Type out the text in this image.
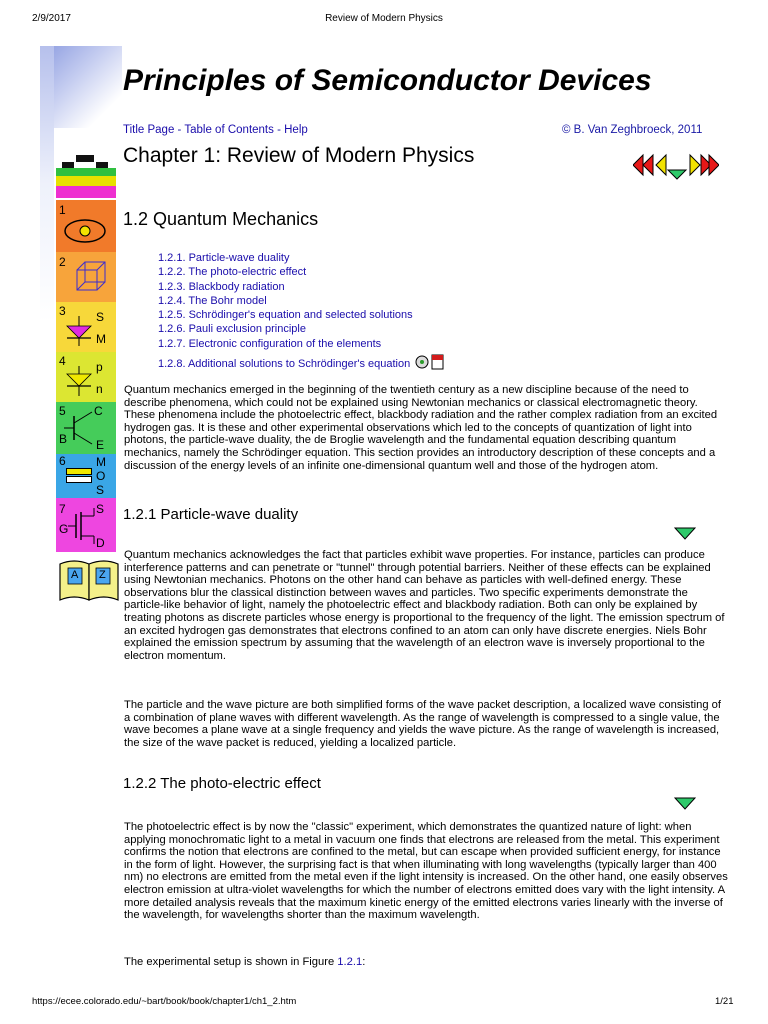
2/9/2017	Review of Modern Physics
https://ecee.colorado.edu/~bart/book/book/chapter1/ch1_2.htm	1/21
Principles of Semiconductor Devices
Title Page - Table of Contents - Help	© B. Van Zeghbroeck, 2011
Chapter 1: Review of Modern Physics
1
2
3	S
M
4	p
n
5 C
B E
6	M
O
S
7	S
G
D
A Z
1.2 Quantum Mechanics
1.2.1. Particle-wave duality
1.2.2. The photo-electric effect
1.2.3. Blackbody radiation
1.2.4. The Bohr model
1.2.5. Schrödinger's equation and selected solutions
1.2.6. Pauli exclusion principle
1.2.7. Electronic configuration of the elements
1.2.8. Additional solutions to Schrödinger's equation

Quantum mechanics emerged in the beginning of the twentieth century as a new discipline because of the need to describe phenomena, which could not be explained using Newtonian mechanics or classical electromagnetic theory. These phenomena include the photoelectric effect, blackbody radiation and the rather complex radiation from an excited hydrogen gas. It is these and other experimental observations which led to the concepts of quantization of light into photons, the particle-wave duality, the de Broglie wavelength and the fundamental equation describing quantum mechanics, namely the Schrödinger equation. This section provides an introductory description of these concepts and a discussion of the energy levels of an infinite one-dimensional quantum well and those of the hydrogen atom.

1.2.1 Particle-wave duality

Quantum mechanics acknowledges the fact that particles exhibit wave properties. For instance, particles can produce interference patterns and can penetrate or "tunnel" through potential barriers. Neither of these effects can be explained using Newtonian mechanics. Photons on the other hand can behave as particles with well-defined energy. These observations blur the classical distinction between waves and particles. Two specific experiments demonstrate the particle-like behavior of light, namely the photoelectric effect and blackbody radiation. Both can only be explained by treating photons as discrete particles whose energy is proportional to the frequency of the light. The emission spectrum of an excited hydrogen gas demonstrates that electrons confined to an atom can only have discrete energies. Niels Bohr explained the emission spectrum by assuming that the wavelength of an electron wave is inversely proportional to the electron momentum.

The particle and the wave picture are both simplified forms of the wave packet description, a localized wave consisting of a combination of plane waves with different wavelength. As the range of wavelength is compressed to a single value, the wave becomes a plane wave at a single frequency and yields the wave picture. As the range of wavelength is increased, the size of the wave packet is reduced, yielding a localized particle.

1.2.2 The photo-electric effect

The photoelectric effect is by now the "classic" experiment, which demonstrates the quantized nature of light: when applying monochromatic light to a metal in vacuum one finds that electrons are released from the metal. This experiment confirms the notion that electrons are confined to the metal, but can escape when provided sufficient energy, for instance in the form of light. However, the surprising fact is that when illuminating with long wavelengths (typically larger than 400 nm) no electrons are emitted from the metal even if the light intensity is increased. On the other hand, one easily observes electron emission at ultra-violet wavelengths for which the number of electrons emitted does vary with the light intensity. A more detailed analysis reveals that the maximum kinetic energy of the emitted electrons varies linearly with the inverse of the wavelength, for wavelengths shorter than the maximum wavelength.

The experimental setup is shown in Figure 1.2.1:
